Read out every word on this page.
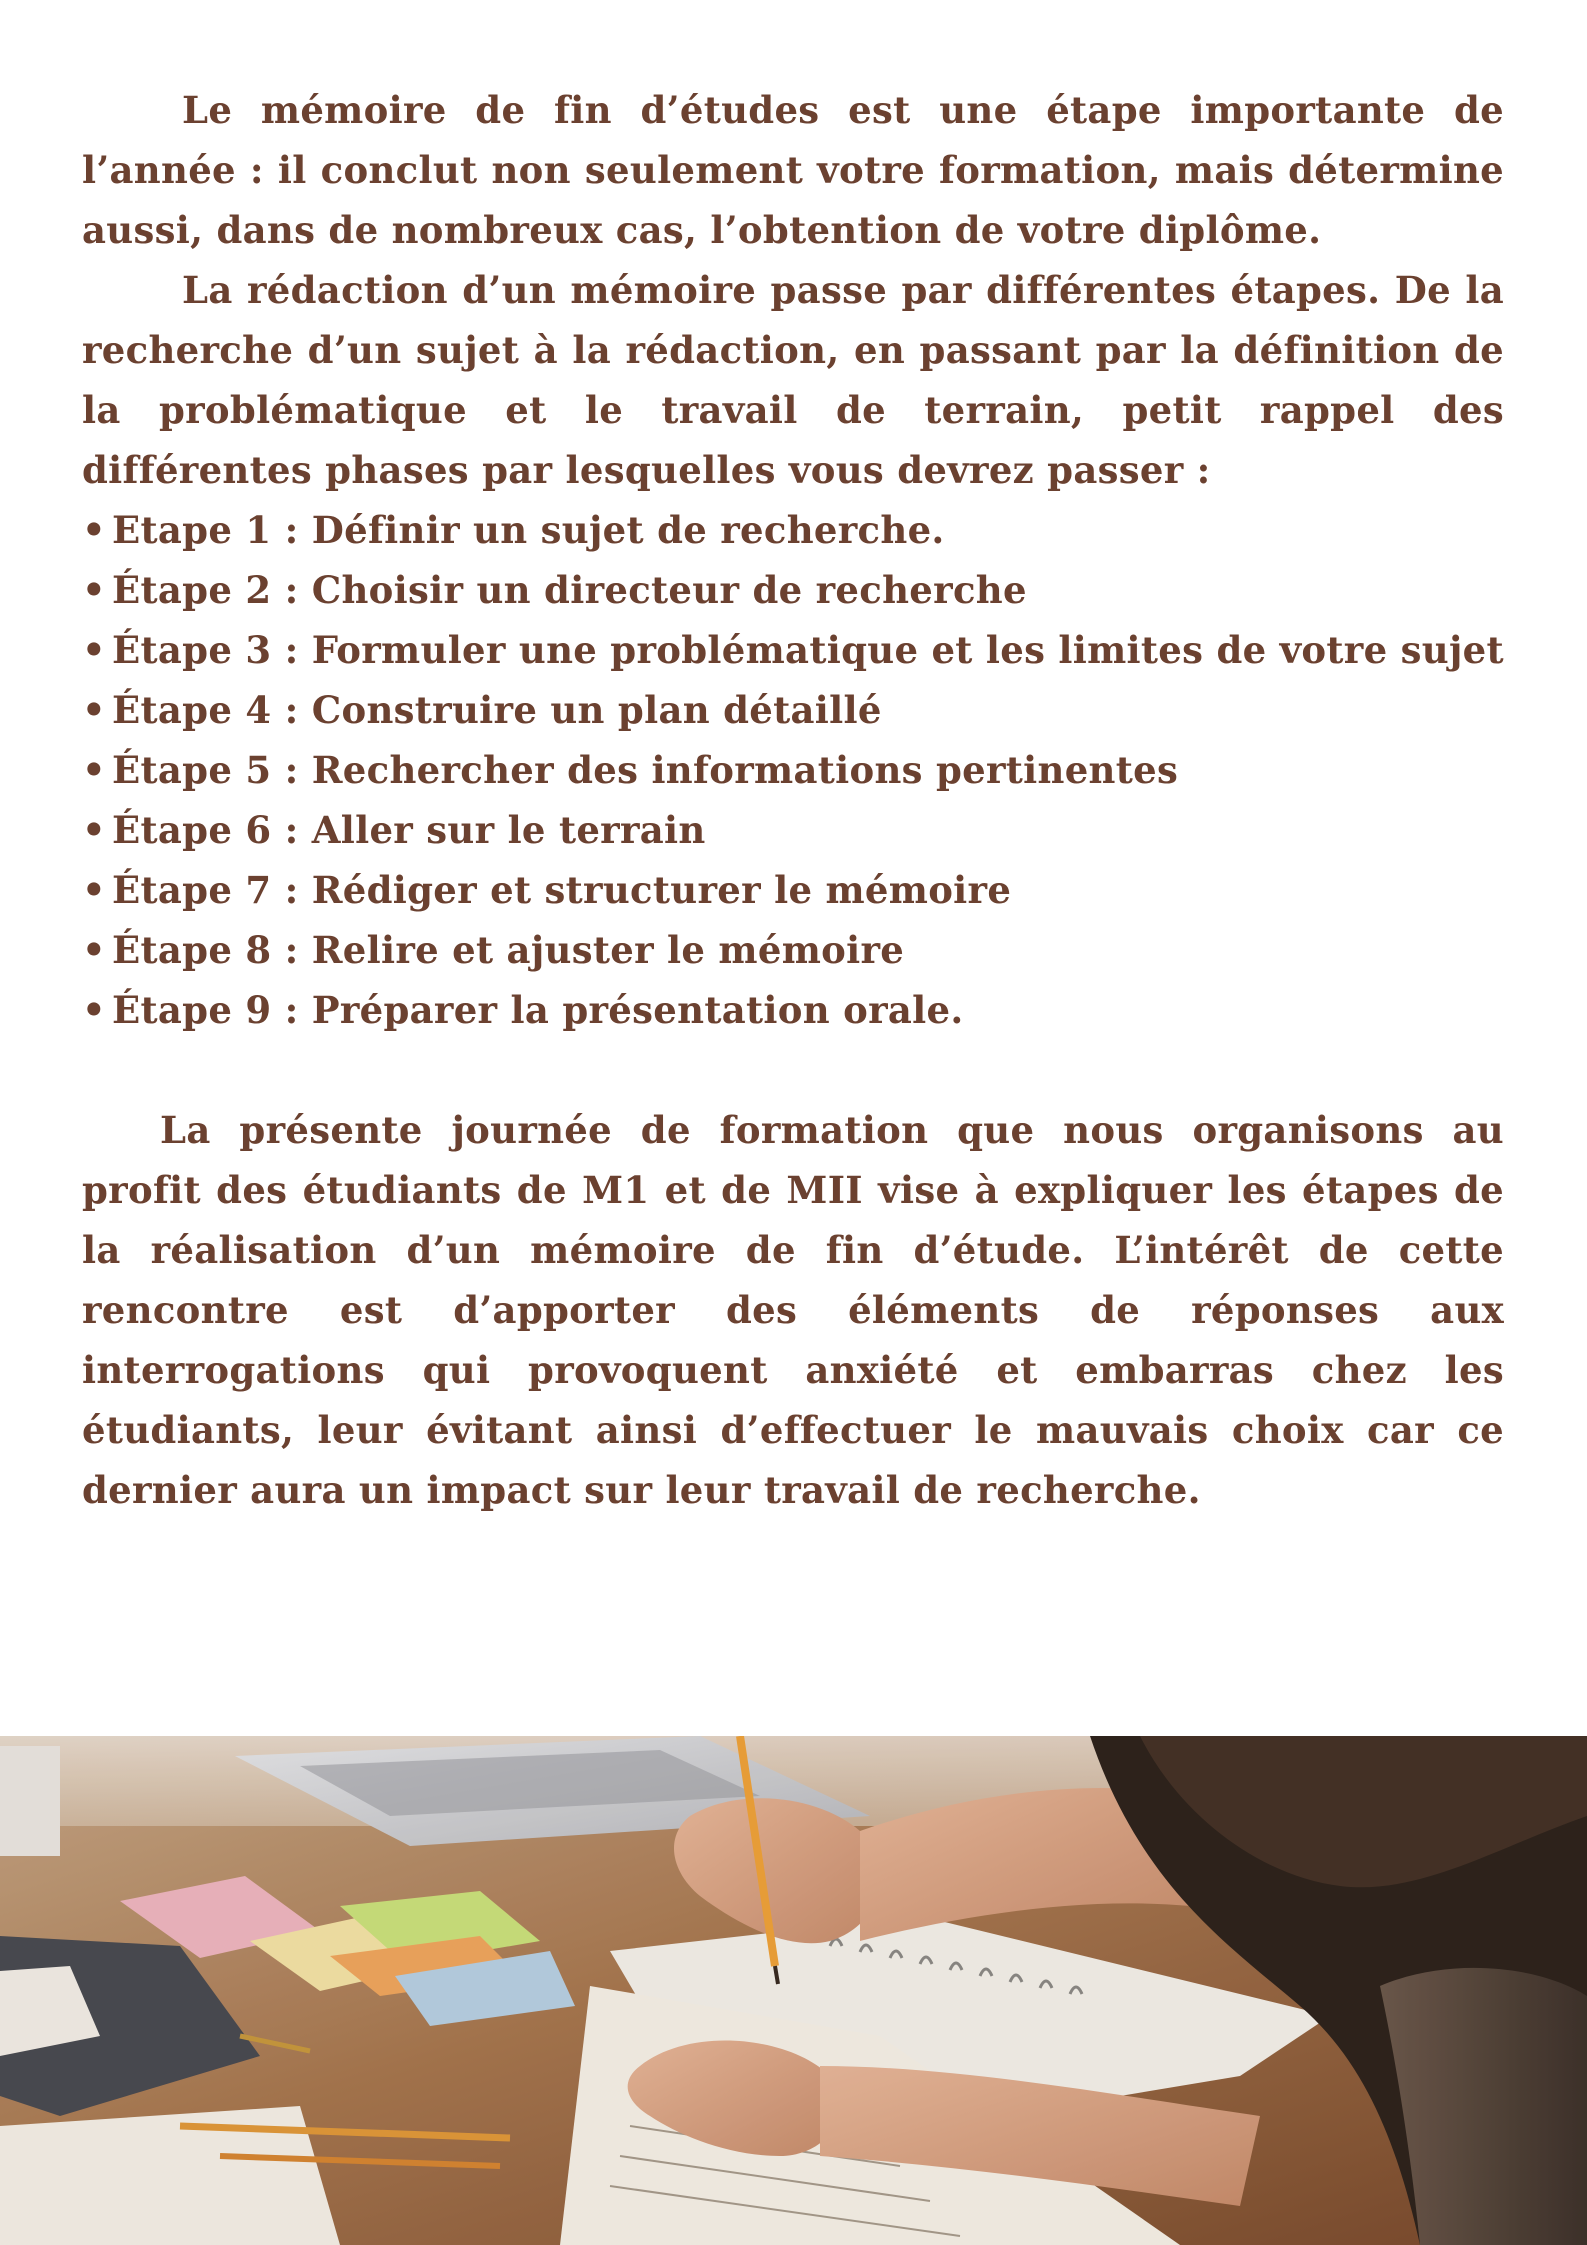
Le mémoire de fin d’études est une étape importante de l’année : il conclut non seulement votre formation, mais détermine aussi, dans de nombreux cas, l’obtention de votre diplôme.

La rédaction d’un mémoire passe par différentes étapes. De la recherche d’un sujet à la rédaction, en passant par la définition de la problématique et le travail de terrain, petit rappel des différentes phases par lesquelles vous devrez passer :

• Etape 1 : Définir un sujet de recherche.
• Étape 2 : Choisir un directeur de recherche
• Étape 3 : Formuler une problématique et les limites de votre sujet
• Étape 4 : Construire un plan détaillé
• Étape 5 : Rechercher des informations pertinentes
• Étape 6 : Aller sur le terrain
• Étape 7 : Rédiger et structurer le mémoire
• Étape 8 : Relire et ajuster le mémoire
• Étape 9 : Préparer la présentation orale.

La présente journée de formation que nous organisons au profit des étudiants de M1 et de MII vise à expliquer les étapes de la réalisation d’un mémoire de fin d’étude. L’intérêt de cette rencontre est d’apporter des éléments de réponses aux interrogations qui provoquent anxiété et embarras chez les étudiants, leur évitant ainsi d’effectuer le mauvais choix car ce dernier aura un impact sur leur travail de recherche.
